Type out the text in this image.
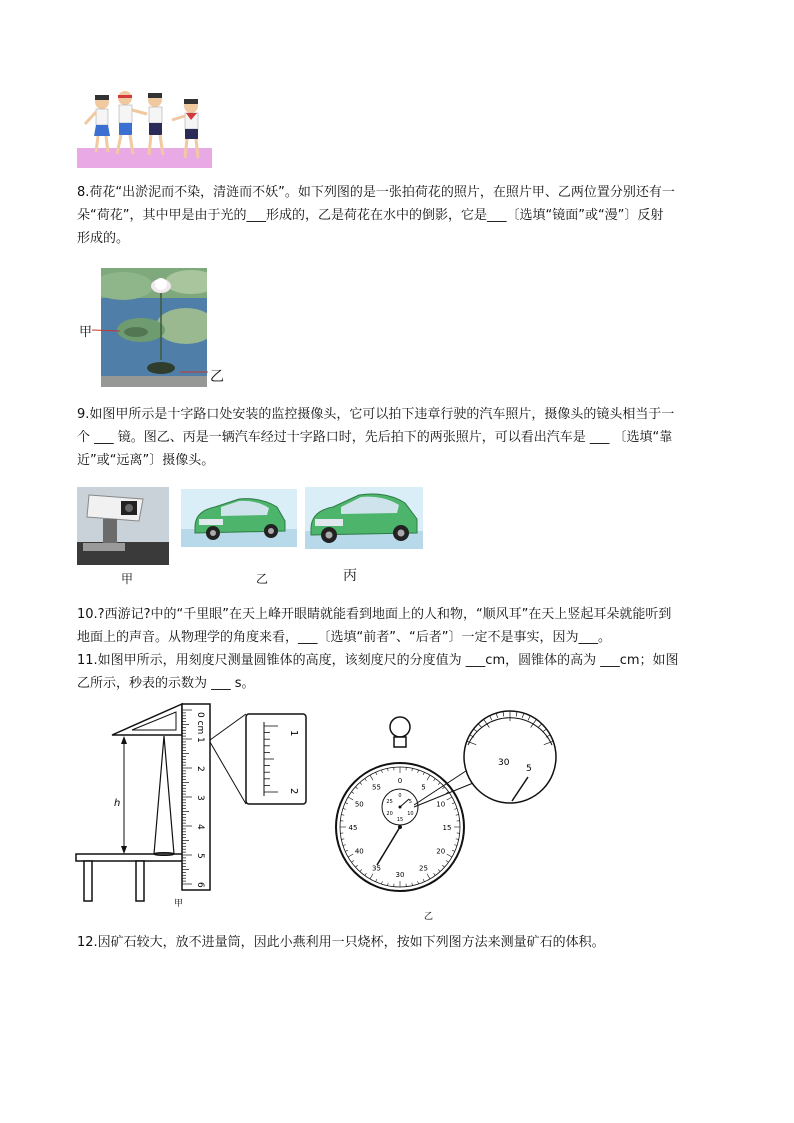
8.荷花“出淤泥而不染，清涟而不妖”。如下列图的是一张拍荷花的照片，在照片甲、乙两位置分别还有一
朵“荷花”，其中甲是由于光的___形成的，乙是荷花在水中的倒影，它是___〔选填“镜面”或“漫”〕反射
形成的。
甲
乙
9.如图甲所示是十字路口处安装的监控摄像头，它可以拍下违章行驶的汽车照片，摄像头的镜头相当于一
个 ___ 镜。图乙、丙是一辆汽车经过十字路口时，先后拍下的两张照片，可以看出汽车是 ___ 〔选填“靠
近”或“远离”〕摄像头。
甲	乙	丙
10.?西游记?中的“千里眼”在天上峰开眼睛就能看到地面上的人和物，“顺风耳”在天上竖起耳朵就能听到
地面上的声音。从物理学的角度来看，___〔选填“前者”、“后者”〕一定不是事实，因为___。
11.如图甲所示，用刻度尺测量圆锥体的高度，该刻度尺的分度值为 ___cm，圆锥体的高为 ___cm；如图
乙所示，秒表的示数为 ___ s。
h
1
2
3
4
5
6
0 cm	1
2
甲
0
5
10
15
20
25
30
35
40
45
50
55
0
5
10
15
20
25
30
5
乙
12.因矿石较大，放不进量筒，因此小燕利用一只烧杯，按如下列图方法来测量矿石的体积。
